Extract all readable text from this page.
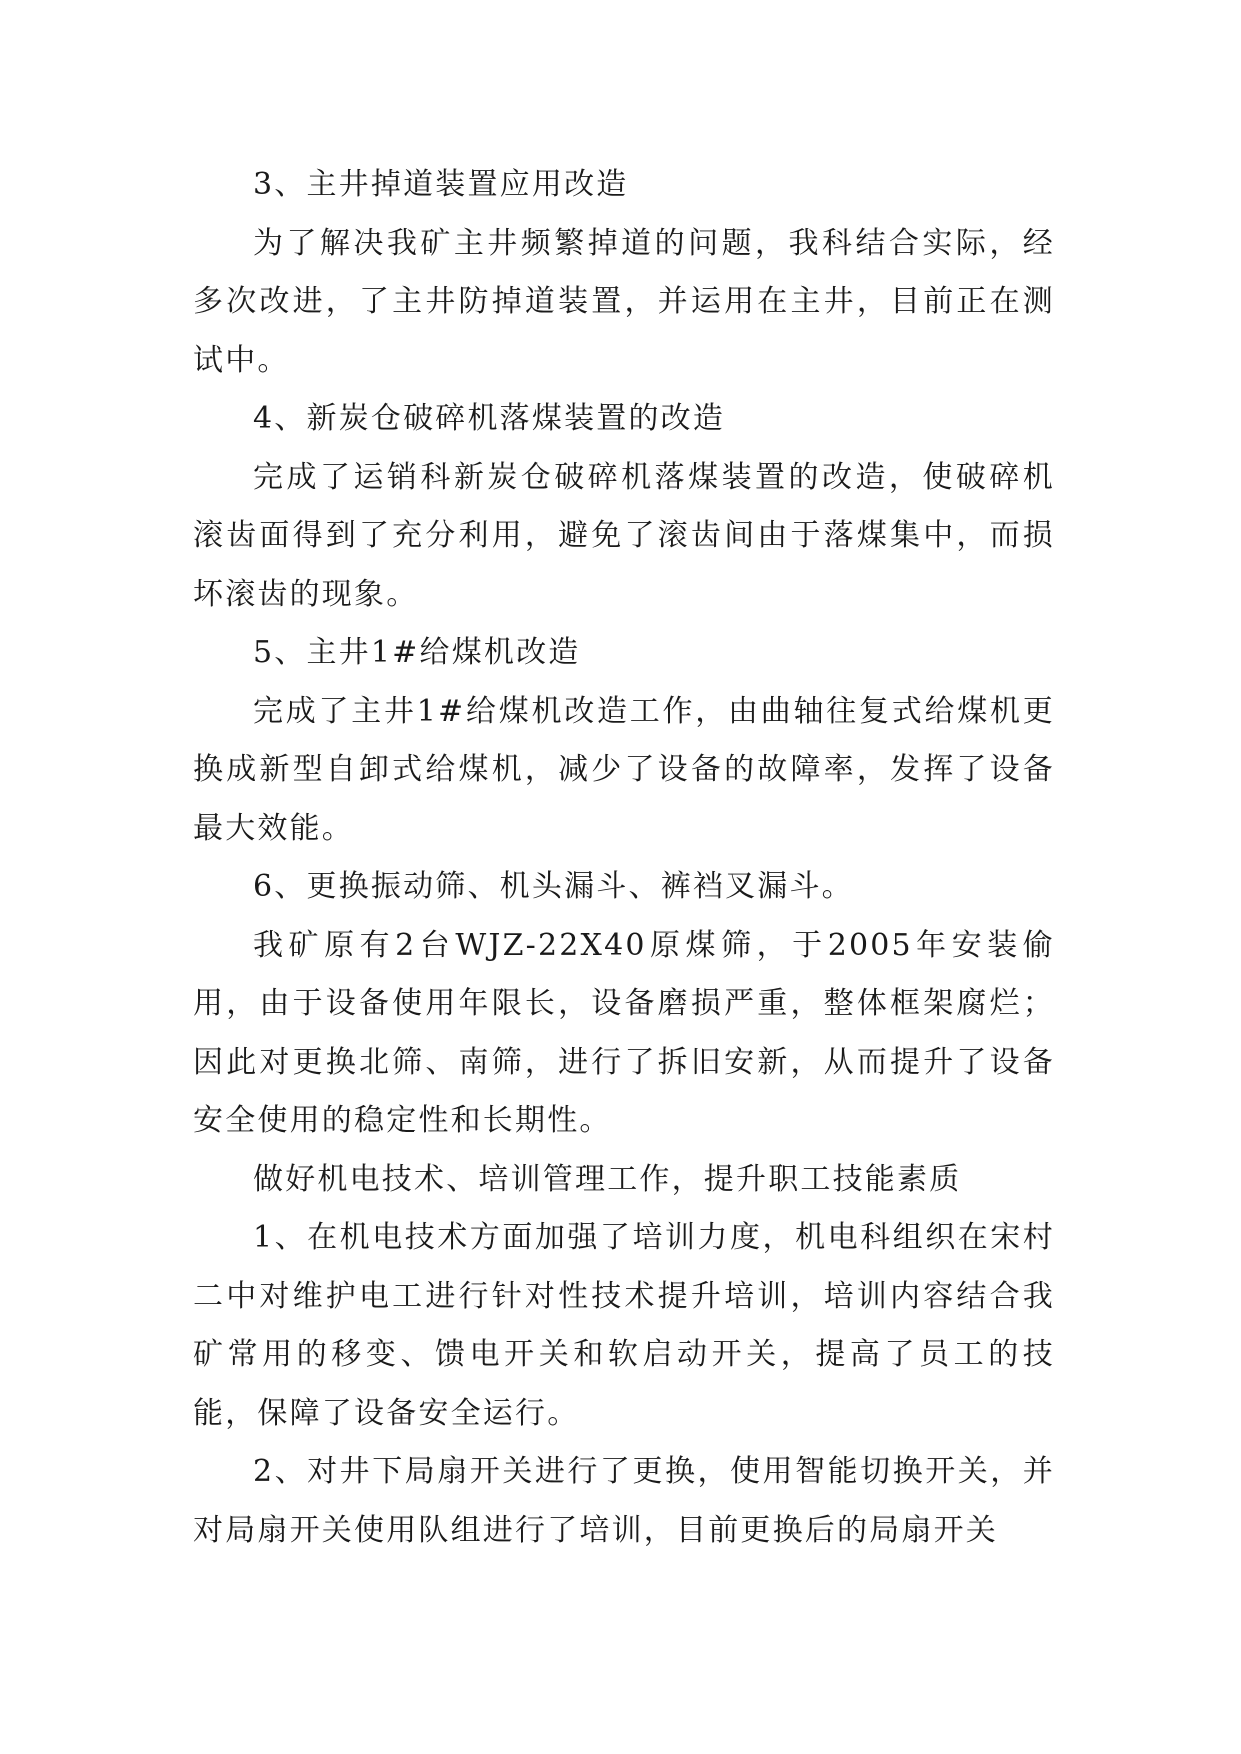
3、主井掉道装置应用改造

为了解决我矿主井频繁掉道的问题，我科结合实际，经多次改进，了主井防掉道装置，并运用在主井，目前正在测试中。

4、新炭仓破碎机落煤装置的改造

完成了运销科新炭仓破碎机落煤装置的改造，使破碎机滚齿面得到了充分利用，避免了滚齿间由于落煤集中，而损坏滚齿的现象。

5、主井1#给煤机改造

完成了主井1#给煤机改造工作，由曲轴往复式给煤机更换成新型自卸式给煤机，减少了设备的故障率，发挥了设备最大效能。

6、更换振动筛、机头漏斗、裤裆叉漏斗。

我矿原有2台WJZ-22X40原煤筛，于2005年安装偷用，由于设备使用年限长，设备磨损严重，整体框架腐烂；因此对更换北筛、南筛，进行了拆旧安新，从而提升了设备安全使用的稳定性和长期性。

做好机电技术、培训管理工作，提升职工技能素质

1、在机电技术方面加强了培训力度，机电科组织在宋村二中对维护电工进行针对性技术提升培训，培训内容结合我矿常用的移变、馈电开关和软启动开关，提高了员工的技能，保障了设备安全运行。

2、对井下局扇开关进行了更换，使用智能切换开关，并对局扇开关使用队组进行了培训，目前更换后的局扇开关
